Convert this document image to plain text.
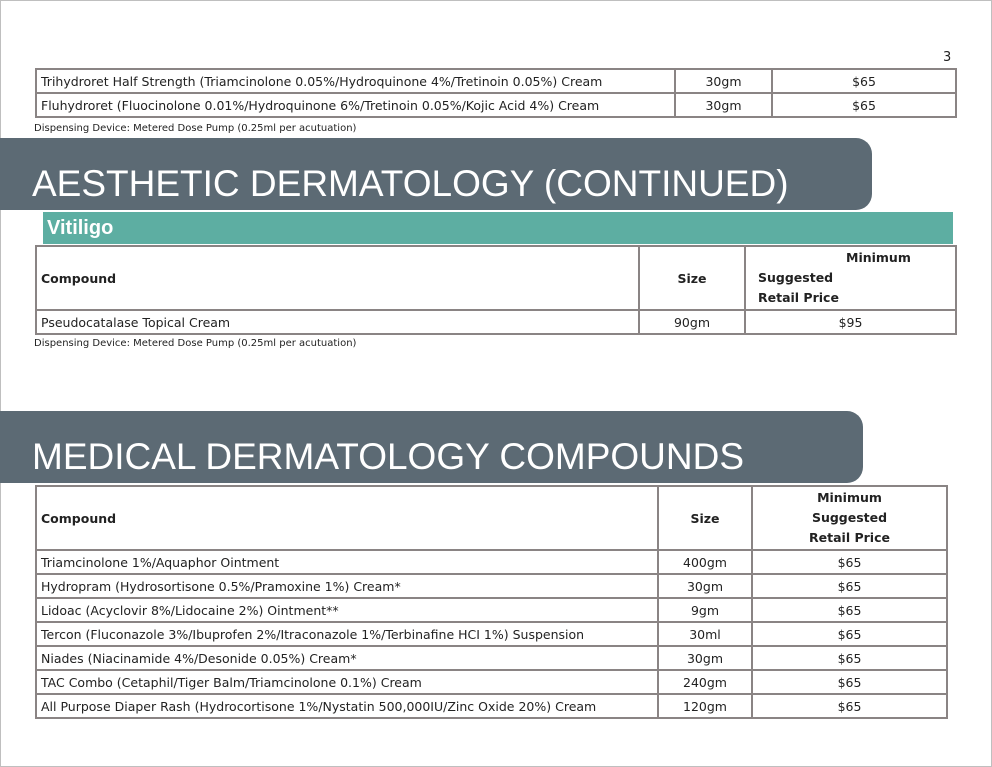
3
Trihydroret Half Strength (Triamcinolone 0.05%/Hydroquinone 4%/Tretinoin 0.05%) Cream	30gm	$65
Fluhydroret (Fluocinolone 0.01%/Hydroquinone 6%/Tretinoin 0.05%/Kojic Acid 4%) Cream	30gm	$65
Dispensing Device: Metered Dose Pump (0.25ml per acutuation)
AESTHETIC DERMATOLOGY (CONTINUED)
Vitiligo
Compound	Size	Minimum
Suggested
Retail Price

Pseudocatalase Topical Cream	90gm	$95
Dispensing Device: Metered Dose Pump (0.25ml per acutuation)
MEDICAL DERMATOLOGY COMPOUNDS
Compound	Size	Minimum
Suggested
Retail Price

Triamcinolone 1%/Aquaphor Ointment	400gm	$65
Hydropram (Hydrosortisone 0.5%/Pramoxine 1%) Cream*	30gm	$65
Lidoac (Acyclovir 8%/Lidocaine 2%) Ointment**	9gm	$65
Tercon (Fluconazole 3%/Ibuprofen 2%/Itraconazole 1%/Terbinafine HCI 1%) Suspension	30ml	$65
Niades (Niacinamide 4%/Desonide 0.05%) Cream*	30gm	$65
TAC Combo (Cetaphil/Tiger Balm/Triamcinolone 0.1%) Cream	240gm	$65
All Purpose Diaper Rash (Hydrocortisone 1%/Nystatin 500,000IU/Zinc Oxide 20%) Cream	120gm	$65
